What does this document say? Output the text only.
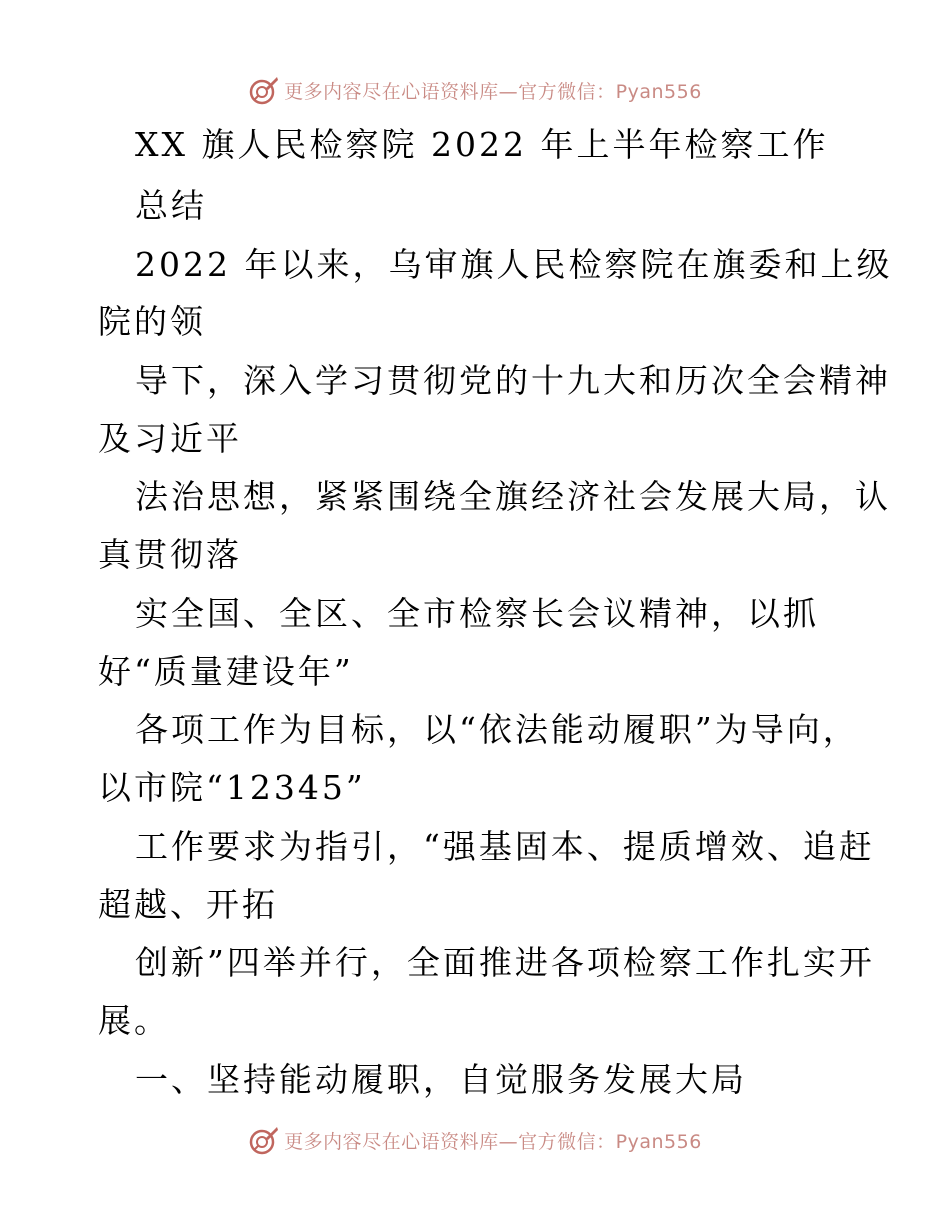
更多内容尽在心语资料库—官方微信：Pyan556
XX 旗人民检察院 2022 年上半年检察工作
总结
2022 年以来，乌审旗人民检察院在旗委和上级
院的领
导下，深入学习贯彻党的十九大和历次全会精神
及习近平
法治思想，紧紧围绕全旗经济社会发展大局，认
真贯彻落
实全国、全区、全市检察长会议精神，以抓
好“质量建设年”
各项工作为目标，以“依法能动履职”为导向，
以市院“12345”
工作要求为指引，“强基固本、提质增效、追赶
超越、开拓
创新”四举并行，全面推进各项检察工作扎实开
展。
一、坚持能动履职，自觉服务发展大局
更多内容尽在心语资料库—官方微信：Pyan556
